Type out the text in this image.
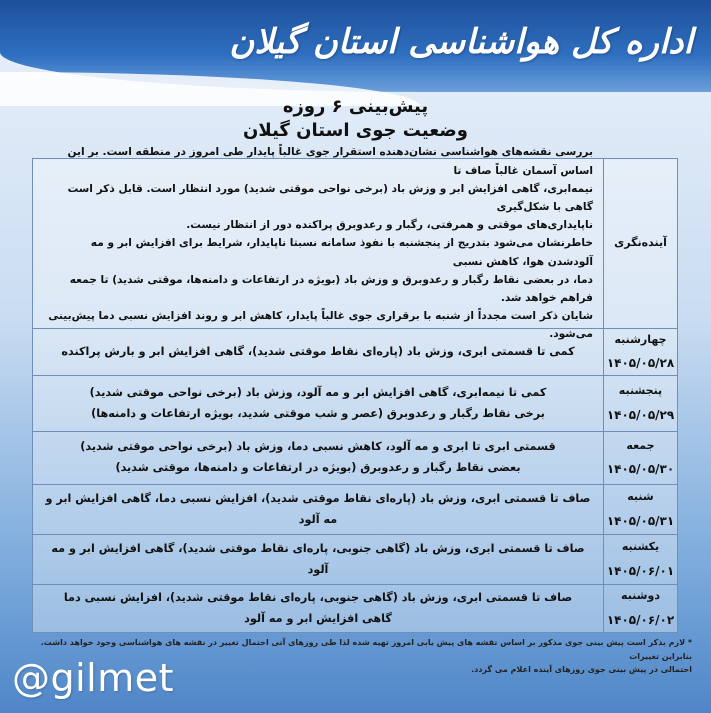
اداره کل هواشناسی استان گیلان
پیش‌بینی ۶ روزه
وضعیت جوی استان گیلان
آینده‌نگری
بررسی نقشه‌های هواشناسی نشان‌دهنده استقرار جوی غالباً پایدار طی امروز در منطقه است. بر این اساس آسمان غالباً صاف تا
نیمه‌ابری، گاهی افزایش ابر و وزش باد (برخی نواحی موقتی شدید) مورد انتظار است. قابل ذکر است گاهی با شکل‌گیری
ناپایداری‌های موقتی و همرفتی، رگبار و رعدوبرق پراکنده دور از انتظار نیست.
خاطرنشان می‌شود بتدریج از پنجشنبه با نفوذ سامانه نسبتا ناپایدار، شرایط برای افزایش ابر و مه آلودشدن هوا، کاهش نسبی
دما، در بعضی نقاط رگبار و رعدوبرق و وزش باد (بویژه در ارتفاعات و دامنه‌ها، موقتی شدید) تا جمعه فراهم خواهد شد.
شایان ذکر است مجدداً از شنبه با برقراری جوی غالباً پایدار، کاهش ابر و روند افزایش نسبی دما پیش‌بینی می‌شود. چهارشنبه
۱۴۰۵/۰۵/۲۸
کمی تا قسمتی ابری، وزش باد (پاره‌ای نقاط موقتی شدید)، گاهی افزایش ابر و بارش پراکنده
پنجشنبه
۱۴۰۵/۰۵/۲۹
کمی تا نیمه‌ابری، گاهی افزایش ابر و مه آلود، وزش باد (برخی نواحی موقتی شدید)
برخی نقاط رگبار و رعدوبرق (عصر و شب موقتی شدید، بویژه ارتفاعات و دامنه‌ها)
جمعه
۱۴۰۵/۰۵/۳۰
قسمتی ابری تا ابری و مه آلود، کاهش نسبی دما، وزش باد (برخی نواحی موقتی شدید)
بعضی نقاط رگبار و رعدوبرق (بویژه در ارتفاعات و دامنه‌ها، موقتی شدید)
شنبه
۱۴۰۵/۰۵/۳۱
صاف تا قسمتی ابری، وزش باد (پاره‌ای نقاط موقتی شدید)، افزایش نسبی دما، گاهی افزایش ابر و مه آلود
یکشنبه
۱۴۰۵/۰۶/۰۱
صاف تا قسمتی ابری، وزش باد (گاهی جنوبی، پاره‌ای نقاط موقتی شدید)، گاهی افزایش ابر و مه آلود
دوشنبه
۱۴۰۵/۰۶/۰۲
صاف تا قسمتی ابری، وزش باد (گاهی جنوبی، پاره‌ای نقاط موقتی شدید)، افزایش نسبی دما
گاهی افزایش ابر و مه آلود
* لازم بذکر است پیش بینی جوی مذکور بر اساس نقشه های پیش یابی امروز تهیه شده لذا طی روزهای آتی احتمال تغییر در نقشه های هواشناسی وجود خواهد داشت. بنابراین تغییرات
احتمالی در پیش بینی جوی روزهای آینده اعلام می گردد.
@gilmet
